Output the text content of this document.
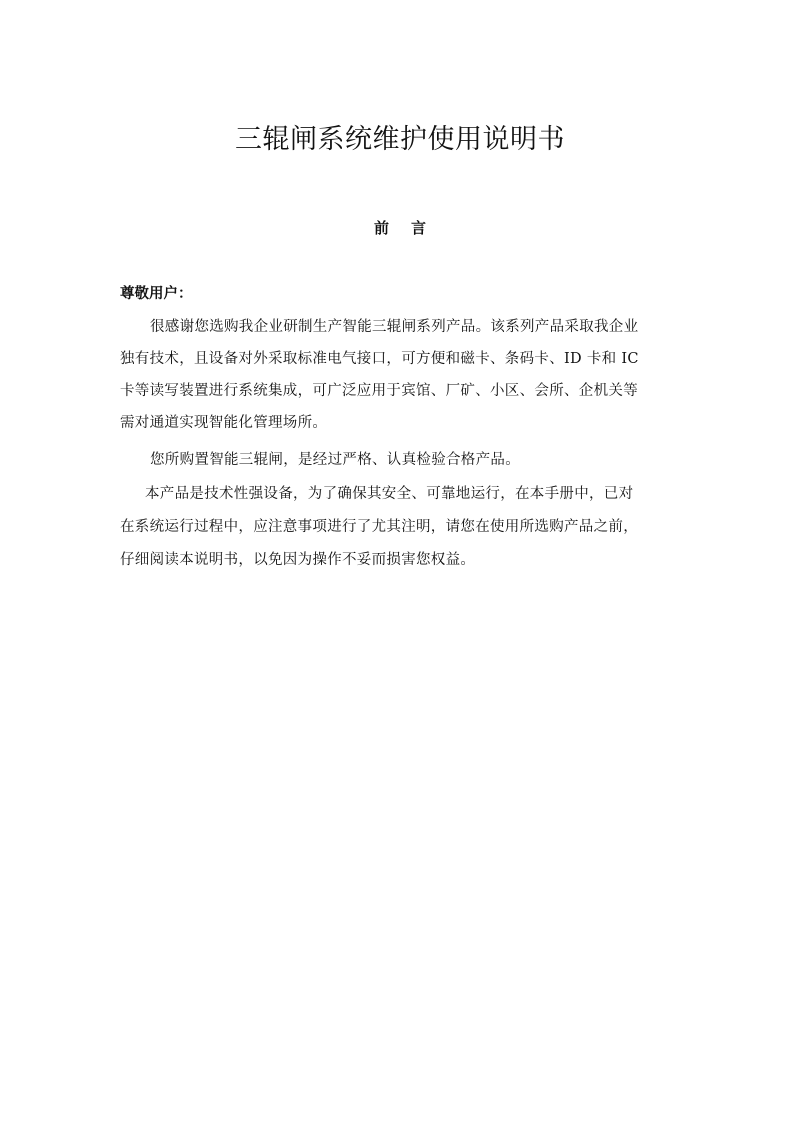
三辊闸系统维护使用说明书
前言
尊敬用户：
很感谢您选购我企业研制生产智能三辊闸系列产品。该系列产品采取我企业
独有技术，且设备对外采取标准电气接口，可方便和磁卡、条码卡、ID 卡和 IC
卡等读写装置进行系统集成，可广泛应用于宾馆、厂矿、小区、会所、企机关等
需对通道实现智能化管理场所。
您所购置智能三辊闸，是经过严格、认真检验合格产品。
本产品是技术性强设备，为了确保其安全、可靠地运行，在本手册中，已对
在系统运行过程中，应注意事项进行了尤其注明，请您在使用所选购产品之前，
仔细阅读本说明书，以免因为操作不妥而损害您权益。
